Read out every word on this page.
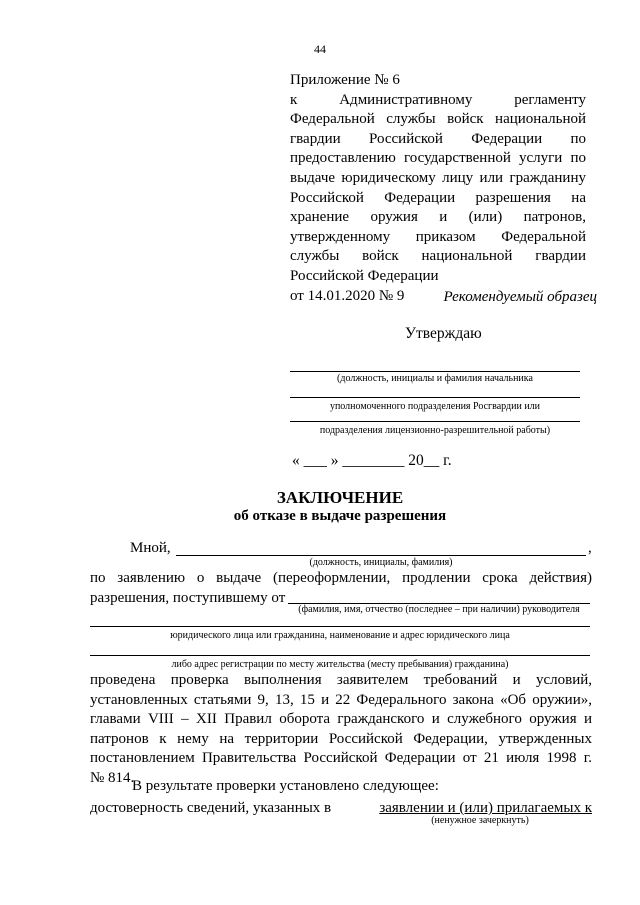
44
Приложение № 6
к Административному регламенту
Федеральной службы войск национальной
гвардии Российской Федерации по
предоставлению государственной услуги по
выдаче юридическому лицу или гражданину
Российской Федерации разрешения на
хранение оружия и (или) патронов,
утвержденному приказом Федеральной
службы войск национальной гвардии
Российской Федерации
от 14.01.2020 № 9	Рекомендуемый образец
Утверждаю
(должность, инициалы и фамилия начальника
уполномоченного подразделения Росгвардии или
подразделения лицензионно-разрешительной работы)
« ___ » ________ 20__ г.
ЗАКЛЮЧЕНИЕ
об отказе в выдаче разрешения
Мной,	,
(должность, инициалы, фамилия)
по заявлению о выдаче (переоформлении, продлении срока действия)
разрешения, поступившему от
(фамилия, имя, отчество (последнее – при наличии) руководителя
юридического лица или гражданина, наименование и адрес юридического лица
либо адрес регистрации по месту жительства (месту пребывания) гражданина)
проведена проверка выполнения заявителем требований и условий,
установленных статьями 9, 13, 15 и 22 Федерального закона «Об оружии»,
главами VIII – XII Правил оборота гражданского и служебного оружия и
патронов к нему на территории Российской Федерации, утвержденных
постановлением Правительства Российской Федерации от 21 июля 1998 г.
№ 814.
В результате проверки установлено следующее:
достоверность сведений, указанных в	заявлении и (или) прилагаемых к
(ненужное зачеркнуть)
